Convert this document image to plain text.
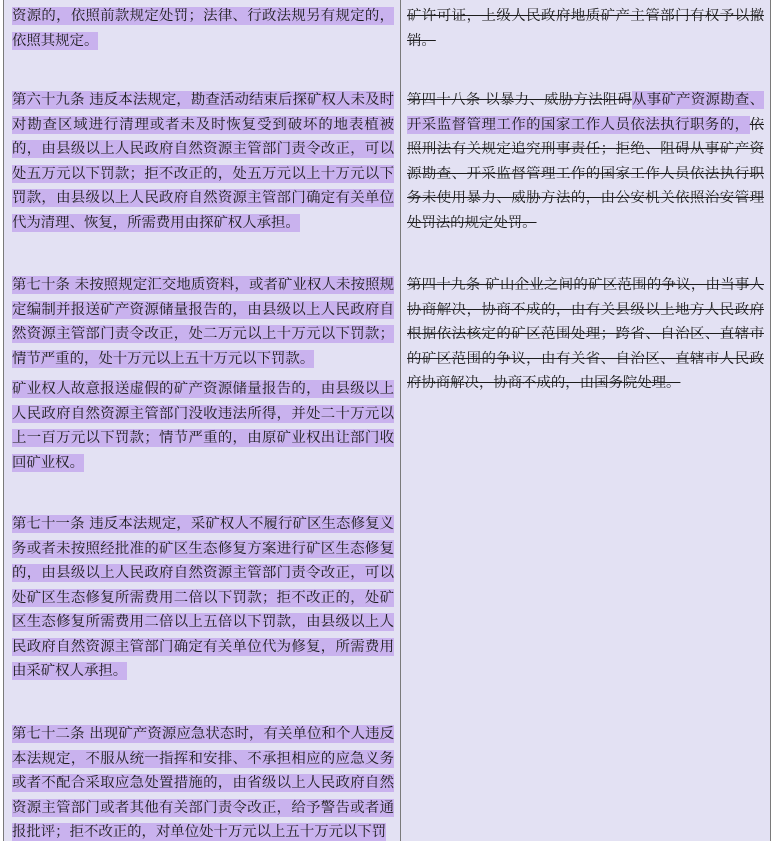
资源的，依照前款规定处罚；法律、行政法规另有规定的，依照其规定。
第六十九条 违反本法规定，勘查活动结束后探矿权人未及时对勘查区域进行清理或者未及时恢复受到破坏的地表植被的，由县级以上人民政府自然资源主管部门责令改正，可以处五万元以下罚款；拒不改正的，处五万元以上十万元以下罚款，由县级以上人民政府自然资源主管部门确定有关单位代为清理、恢复，所需费用由探矿权人承担。
第七十条 未按照规定汇交地质资料，或者矿业权人未按照规定编制并报送矿产资源储量报告的，由县级以上人民政府自然资源主管部门责令改正，处二万元以上十万元以下罚款；情节严重的，处十万元以上五十万元以下罚款。
矿业权人故意报送虚假的矿产资源储量报告的，由县级以上人民政府自然资源主管部门没收违法所得，并处二十万元以上一百万元以下罚款；情节严重的，由原矿业权出让部门收回矿业权。
第七十一条 违反本法规定，采矿权人不履行矿区生态修复义务或者未按照经批准的矿区生态修复方案进行矿区生态修复的，由县级以上人民政府自然资源主管部门责令改正，可以处矿区生态修复所需费用二倍以下罚款；拒不改正的，处矿区生态修复所需费用二倍以上五倍以下罚款，由县级以上人民政府自然资源主管部门确定有关单位代为修复，所需费用由采矿权人承担。
第七十二条 出现矿产资源应急状态时，有关单位和个人违反本法规定，不服从统一指挥和安排、不承担相应的应急义务或者不配合采取应急处置措施的，由省级以上人民政府自然资源主管部门或者其他有关部门责令改正，给予警告或者通报批评；拒不改正的，对单位处十万元以上五十万元以下罚
矿许可证，上级人民政府地质矿产主管部门有权予以撤销。
第四十八条 以暴力、威胁方法阻碍从事矿产资源勘查、开采监督管理工作的国家工作人员依法执行职务的，依照刑法有关规定追究刑事责任；拒绝、阻碍从事矿产资源勘查、开采监督管理工作的国家工作人员依法执行职务未使用暴力、威胁方法的，由公安机关依照治安管理处罚法的规定处罚。
第四十九条 矿山企业之间的矿区范围的争议，由当事人协商解决，协商不成的，由有关县级以上地方人民政府根据依法核定的矿区范围处理；跨省、自治区、直辖市的矿区范围的争议，由有关省、自治区、直辖市人民政府协商解决，协商不成的，由国务院处理。
